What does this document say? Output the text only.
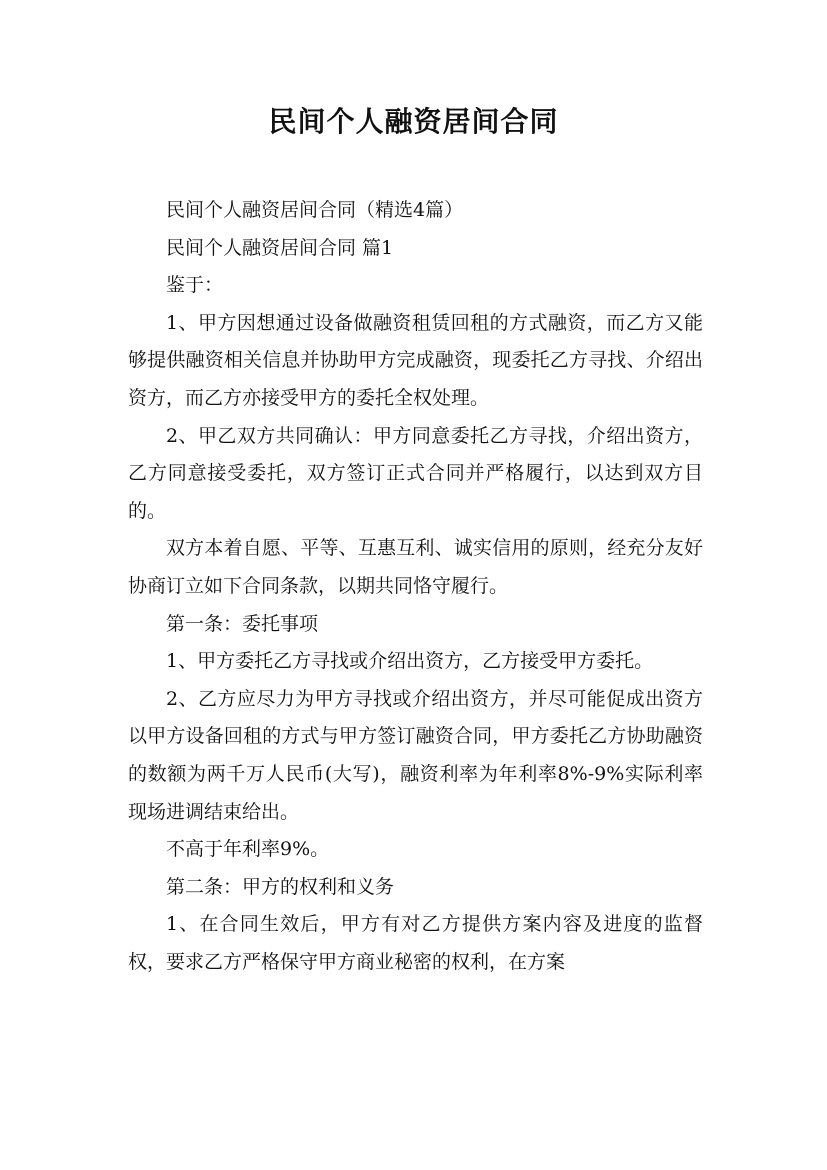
民间个人融资居间合同

民间个人融资居间合同（精选4篇）

民间个人融资居间合同 篇1

鉴于：

1、甲方因想通过设备做融资租赁回租的方式融资，而乙方又能够提供融资相关信息并协助甲方完成融资，现委托乙方寻找、介绍出资方，而乙方亦接受甲方的委托全权处理。

2、甲乙双方共同确认：甲方同意委托乙方寻找，介绍出资方，乙方同意接受委托，双方签订正式合同并严格履行，以达到双方目的。

双方本着自愿、平等、互惠互利、诚实信用的原则，经充分友好协商订立如下合同条款，以期共同恪守履行。

第一条：委托事项

1、甲方委托乙方寻找或介绍出资方，乙方接受甲方委托。

2、乙方应尽力为甲方寻找或介绍出资方，并尽可能促成出资方以甲方设备回租的方式与甲方签订融资合同，甲方委托乙方协助融资的数额为两千万人民币(大写)，融资利率为年利率8%-9%实际利率现场进调结束给出。

不高于年利率9%。

第二条：甲方的权利和义务

1、在合同生效后，甲方有对乙方提供方案内容及进度的监督权，要求乙方严格保守甲方商业秘密的权利，在方案
